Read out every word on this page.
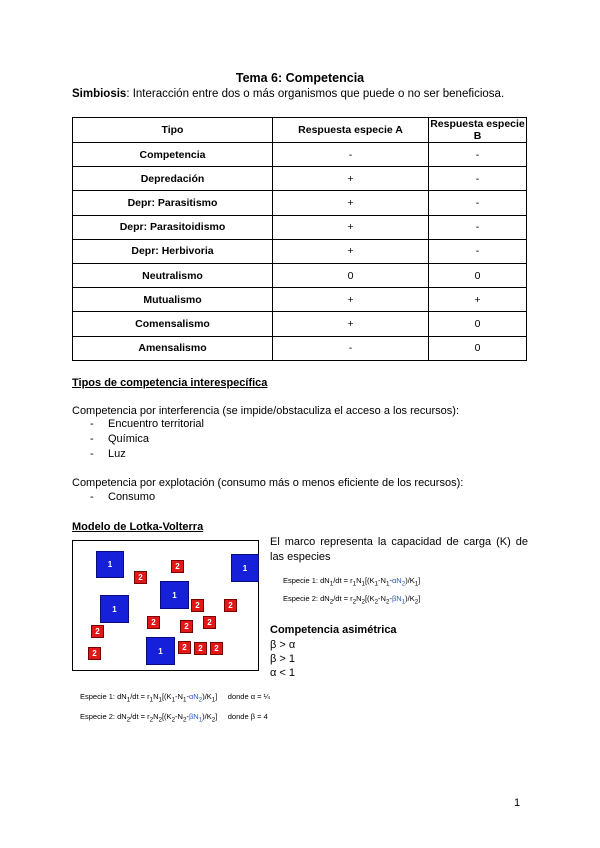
Tema 6: Competencia
Simbiosis: Interacción entre dos o más organismos que puede o no ser beneficiosa.
Tipo	Respuesta especie A	Respuesta especie B
Competencia	-	-
Depredación	+	-
Depr: Parasitismo	+	-
Depr: Parasitoidismo	+	-
Depr: Herbivoria	+	-
Neutralismo	0	0
Mutualismo	+	+
Comensalismo	+	0
Amensalismo	-	0
Tipos de competencia interespecífica
Competencia por interferencia (se impide/obstaculiza el acceso a los recursos):
- Encuentro territorial
- Química
- Luz
Competencia por explotación (consumo más o menos eficiente de los recursos):
- Consumo
Modelo de Lotka-Volterra
1	1
1
1
1
2
2
2	2
2	2	2
2
2	2	2
2
El marco representa la capacidad de carga (K) de las especies
Especie 1: $dN_1/dt = r_1N_1[(K_1-N_1-\alpha N_2)/K_1]$
Especie 2: $dN_2/dt = r_2N_2[(K_2-N_2-\beta N_1)/K_2]$
Competencia asimétrica
β > α
β > 1
α < 1
Especie 1: $dN_1/dt = r_1N_1[(K_1-N_1-\alpha N_2)/K_1]$     donde α = ¼
Especie 2: $dN_2/dt = r_2N_2[(K_2-N_2-\beta N_1)/K_2]$     donde β = 4
1
